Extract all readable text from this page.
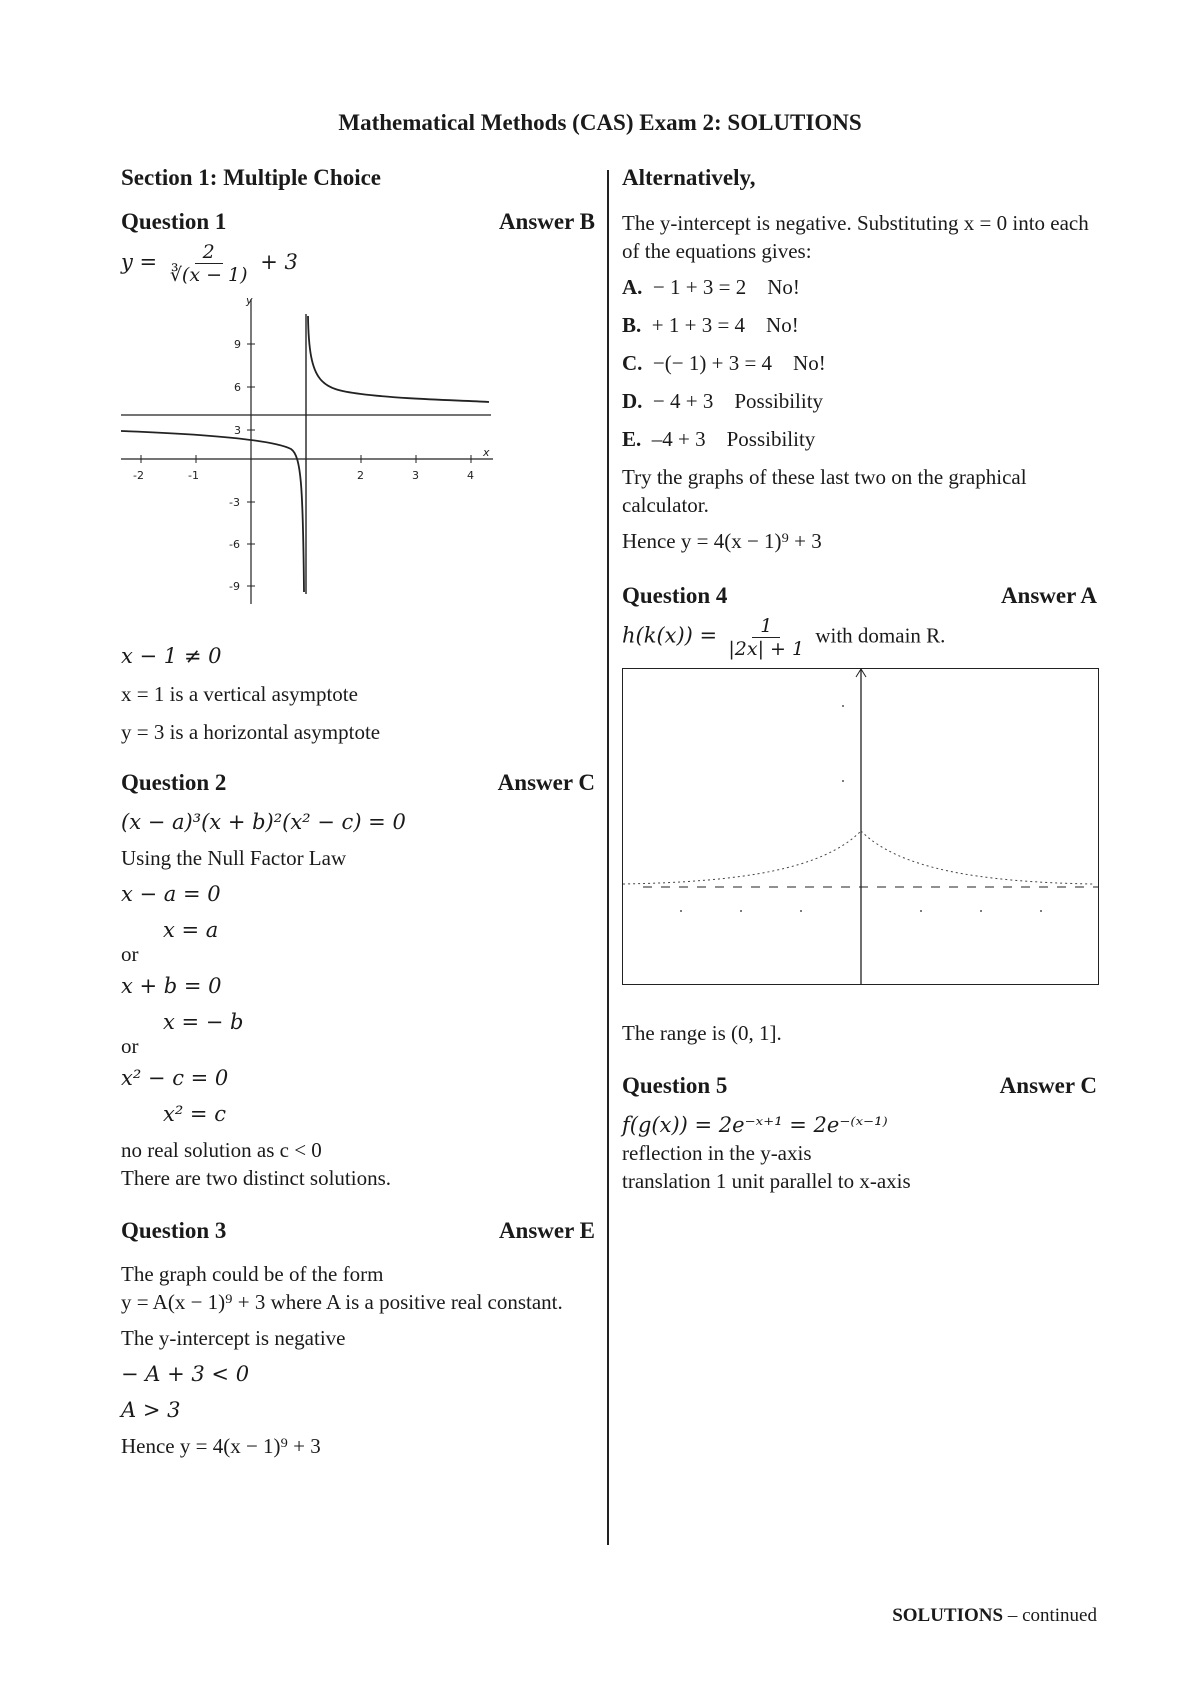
Mathematical Methods (CAS) Exam 2: SOLUTIONS
Section 1: Multiple Choice
Question 1	Answer B
$y = \frac{2}{∛(x - 1)} + 3$
-2	-1	2	3	4
9
6
3
-3
-6
-9
x
y

x − 1 ≠ 0

x = 1 is a vertical asymptote

y = 3 is a horizontal asymptote

Question 2	Answer C

(x − a)³(x + b)²(x² − c) = 0

Using the Null Factor Law

x − a = 0

x = a

or

x + b = 0

x = − b

or

x² − c = 0

x² = c

no real solution as c < 0

There are two distinct solutions.

Question 3	Answer E

The graph could be of the form

y = A(x − 1)⁹ + 3 where A is a positive real constant.

The y-intercept is negative

− A + 3 < 0

A > 3

Hence y = 4(x − 1)⁹ + 3

Alternatively,

The y-intercept is negative. Substituting x = 0 into each of the equations gives:

A. − 1 + 3 = 2 No!

B. + 1 + 3 = 4 No!

C. −(− 1) + 3 = 4 No!

D. − 4 + 3 Possibility

E. –4 + 3 Possibility

Try the graphs of these last two on the graphical calculator.

Hence y = 4(x − 1)⁹ + 3

Question 4	Answer A
$h(k(x)) = \frac{1}{|2x| + 1}$ with domain R.

The range is (0, 1].

Question 5	Answer C

f(g(x)) = 2e⁻ˣ⁺¹ = 2e⁻⁽ˣ⁻¹⁾

reflection in the y-axis

translation 1 unit parallel to x-axis

SOLUTIONS – continued
